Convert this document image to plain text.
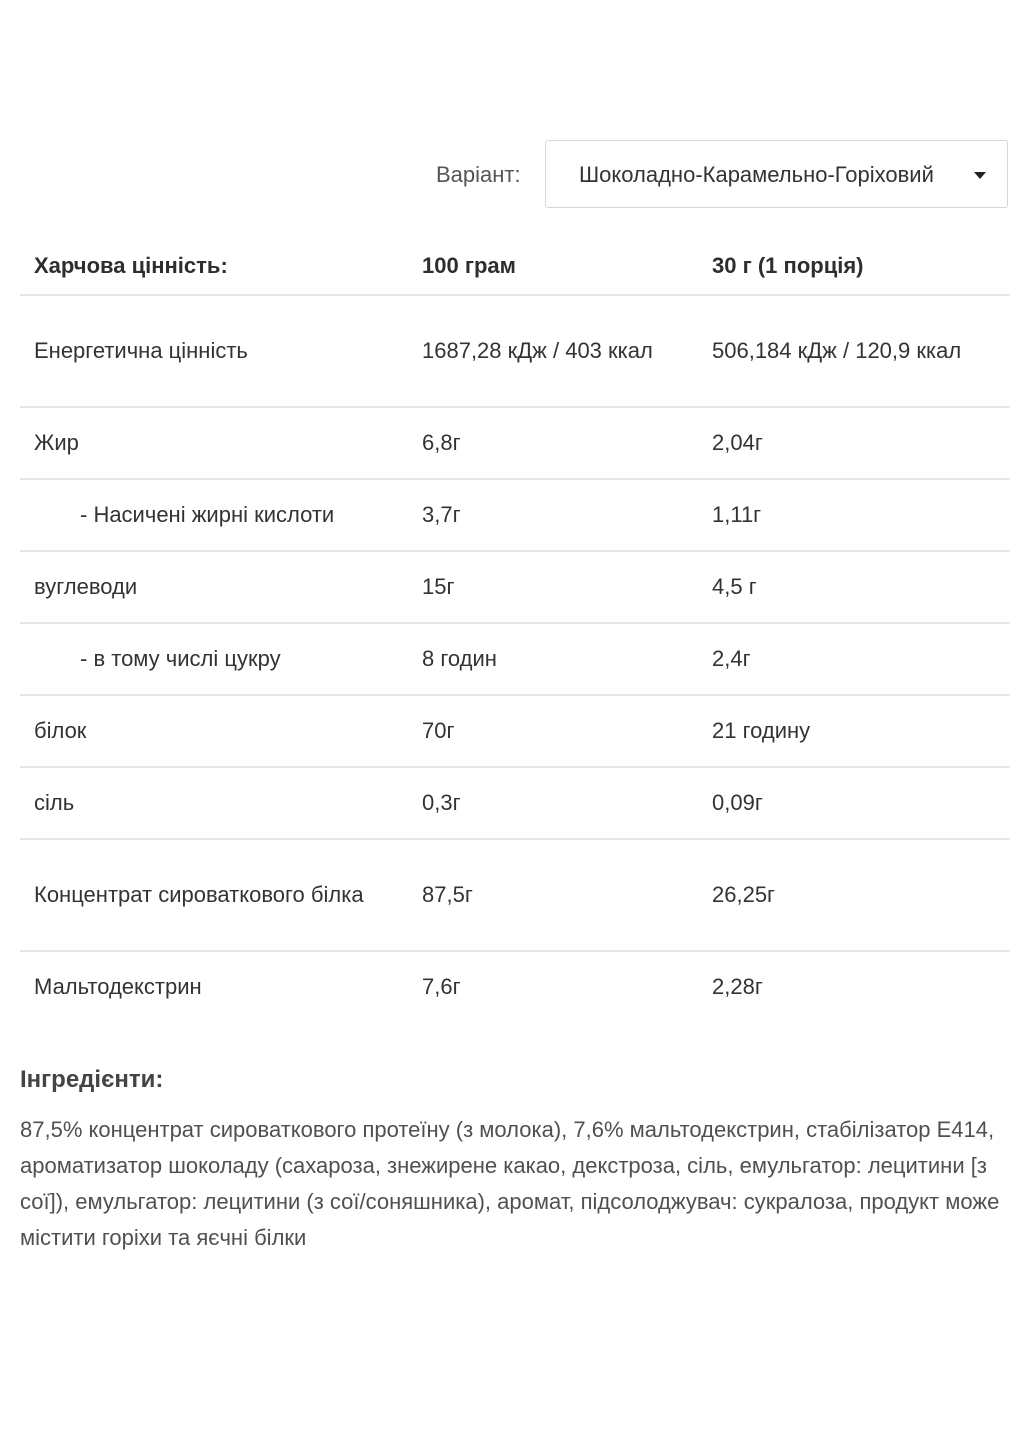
Варіант:	Шоколадно-Карамельно-Горіховий
Харчова цінність:	100 грам	30 г (1 порція)
Енергетична цінність	1687,28 кДж / 403 ккал	506,184 кДж / 120,9 ккал
Жир	6,8г	2,04г
- Насичені жирні кислоти	3,7г	1,11г
вуглеводи	15г	4,5 г
- в тому числі цукру	8 годин	2,4г
білок	70г	21 годину
сіль	0,3г	0,09г
Концентрат сироваткового білка	87,5г	26,25г
Мальтодекстрин	7,6г	2,28г
Інгредієнти:

87,5% концентрат сироваткового протеїну (з молока), 7,6% мальтодекстрин, стабілізатор E414, ароматизатор шоколаду (сахароза, знежирене какао, декстроза, сіль, емульгатор: лецитини [з сої]), емульгатор: лецитини (з сої/соняшника), аромат, підсолоджувач: сукралоза, продукт може містити горіхи та яєчні білки
